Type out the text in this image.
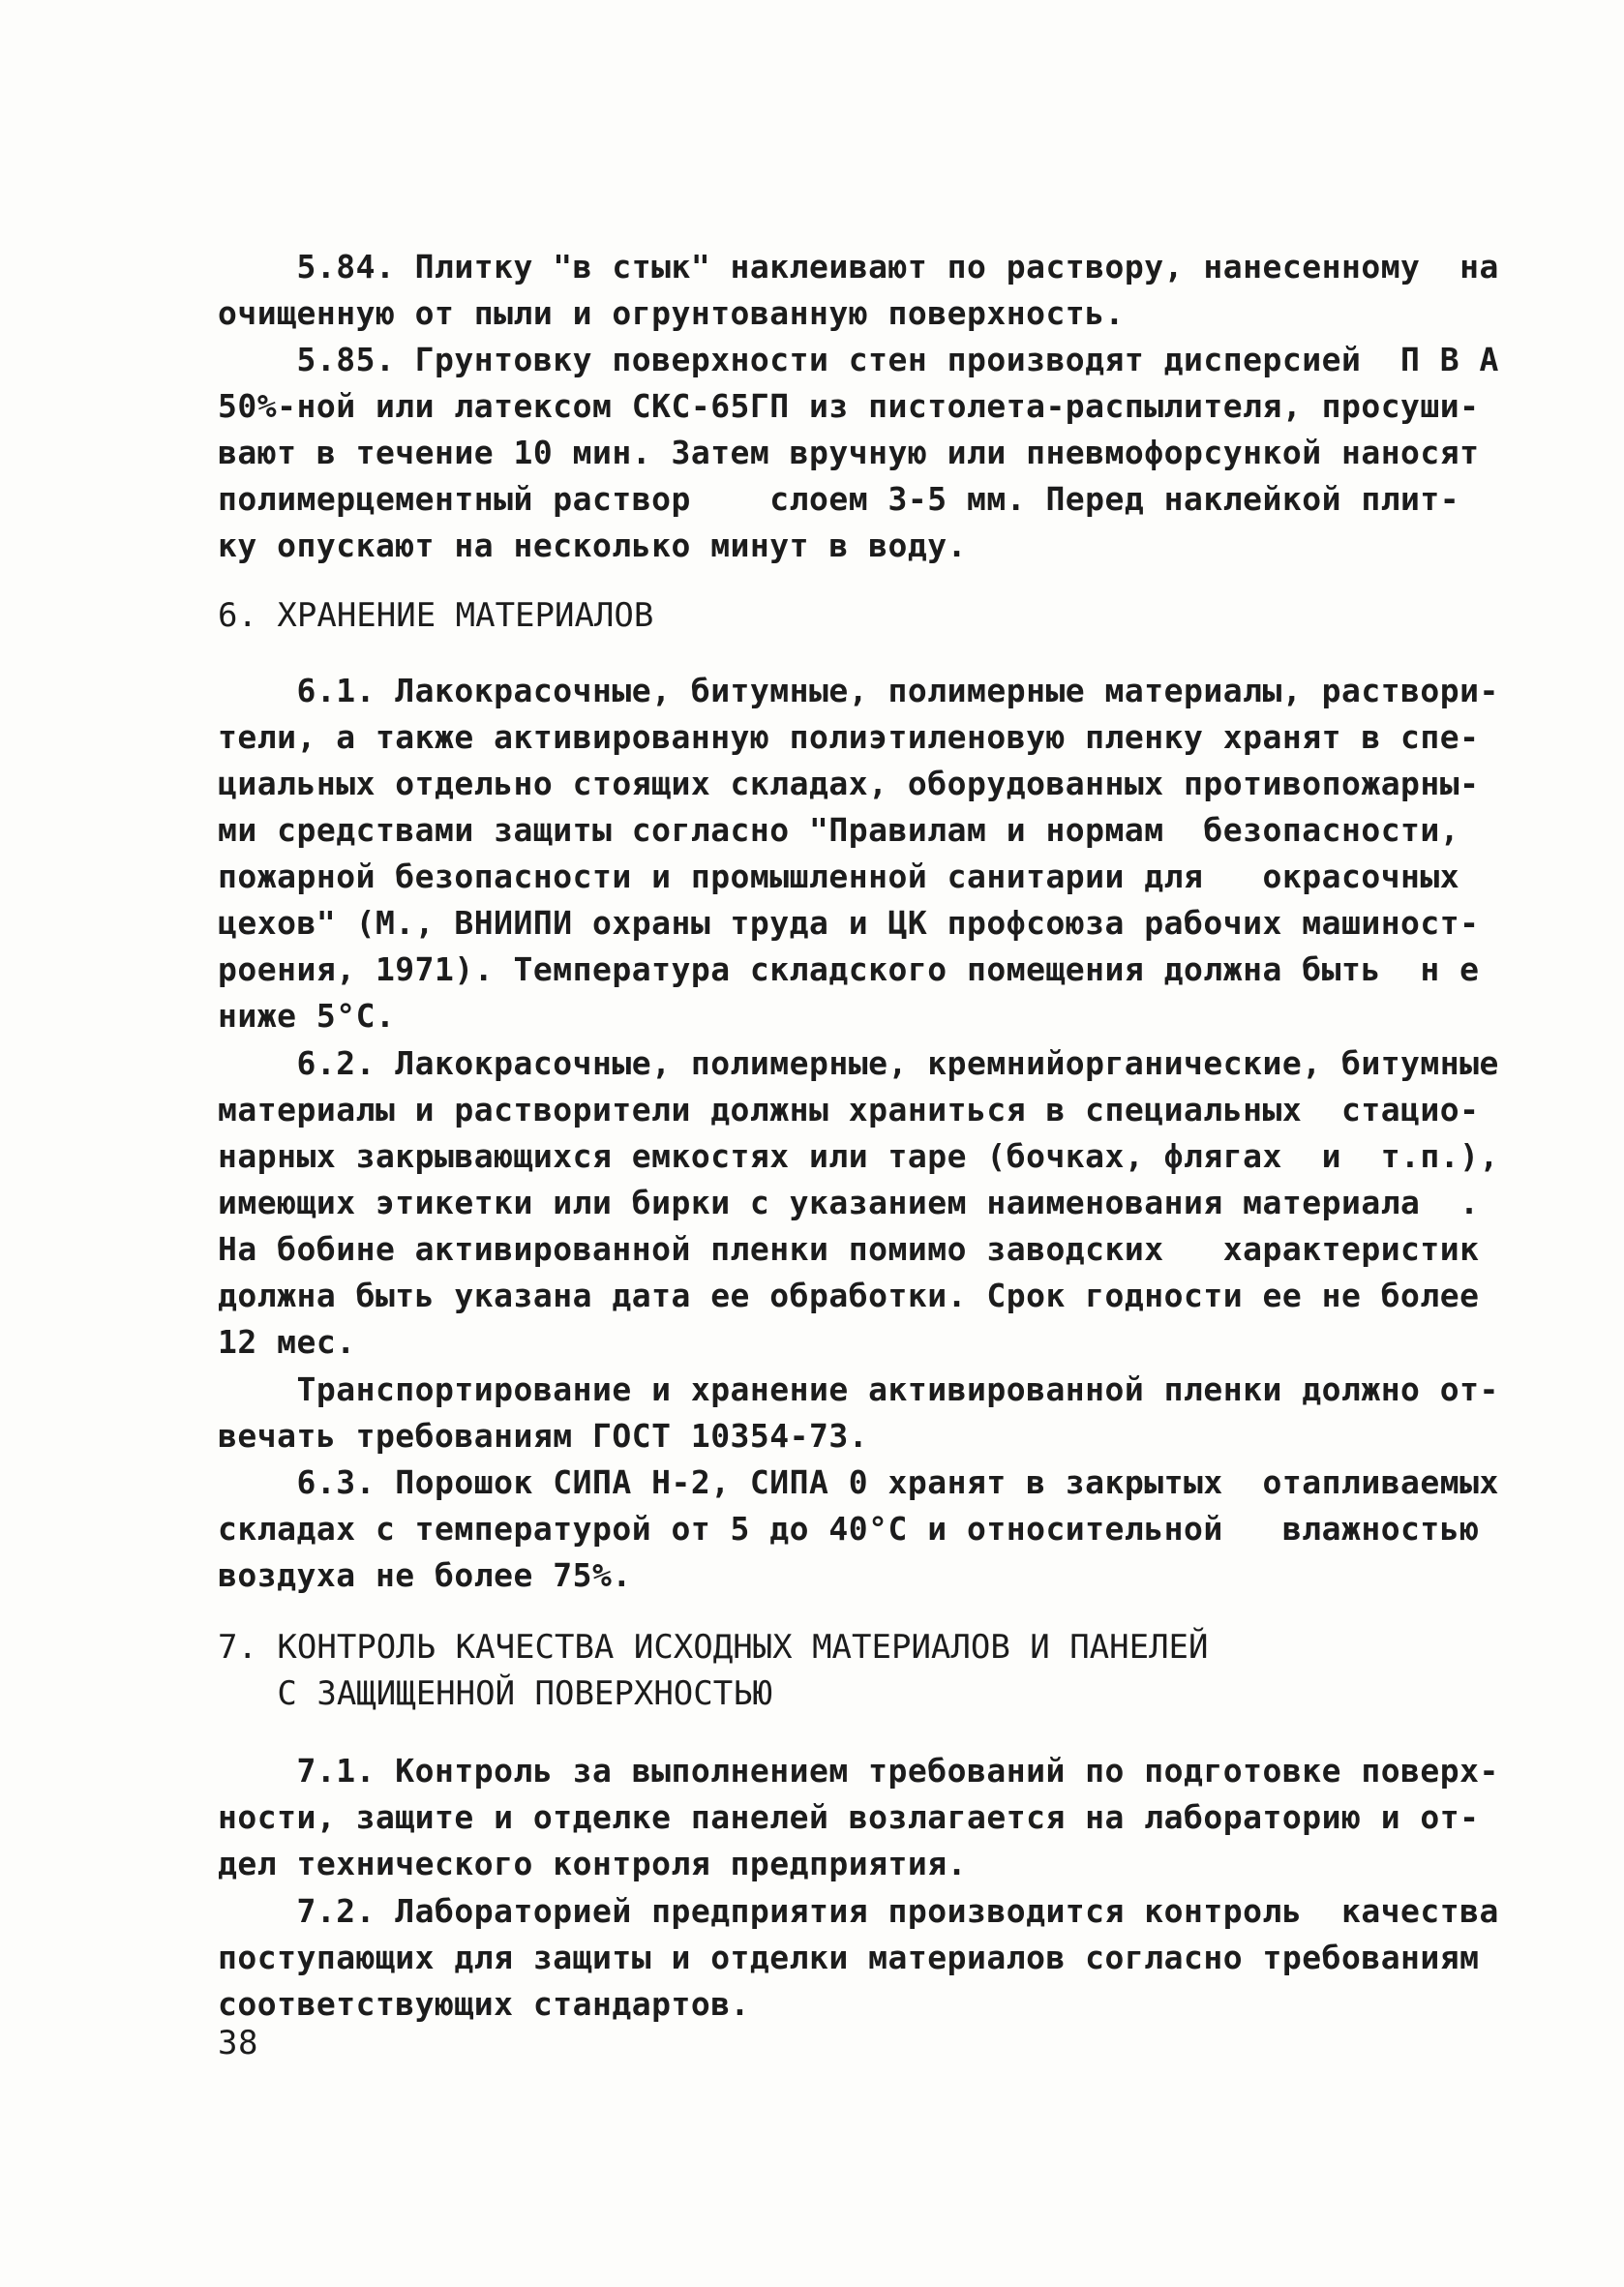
5.84. Плитку "в стык" наклеивают по раствору, нанесенному  на
очищенную от пыли и огрунтованную поверхность.
5.85. Грунтовку поверхности стен производят дисперсией  П В А
50%-ной или латексом СКС-65ГП из пистолета-распылителя, просуши-
вают в течение 10 мин. Затем вручную или пневмофорсункой наносят
полимерцементный раствор    слоем 3-5 мм. Перед наклейкой плит-
ку опускают на несколько минут в воду.
6. ХРАНЕНИЕ МАТЕРИАЛОВ
6.1. Лакокрасочные, битумные, полимерные материалы, раствори-
тели, а также активированную полиэтиленовую пленку хранят в спе-
циальных отдельно стоящих складах, оборудованных противопожарны-
ми средствами защиты согласно "Правилам и нормам  безопасности,
пожарной безопасности и промышленной санитарии для   окрасочных
цехов" (М., ВНИИПИ охраны труда и ЦК профсоюза рабочих машиност-
роения, 1971). Температура складского помещения должна быть  н е
ниже 5°С.
6.2. Лакокрасочные, полимерные, кремнийорганические, битумные
материалы и растворители должны храниться в специальных  стацио-
нарных закрывающихся емкостях или таре (бочках, флягах  и  т.п.),
имеющих этикетки или бирки с указанием наименования материала  .
На бобине активированной пленки помимо заводских   характеристик
должна быть указана дата ее обработки. Срок годности ее не более
12 мес.
Транспортирование и хранение активированной пленки должно от-
вечать требованиям ГОСТ 10354-73.
6.3. Порошок СИПА Н-2, СИПА 0 хранят в закрытых  отапливаемых
складах с температурой от 5 до 40°С и относительной   влажностью
воздуха не более 75%.
7. КОНТРОЛЬ КАЧЕСТВА ИСХОДНЫХ МАТЕРИАЛОВ И ПАНЕЛЕЙ
С ЗАЩИЩЕННОЙ ПОВЕРХНОСТЬЮ
7.1. Контроль за выполнением требований по подготовке поверх-
ности, защите и отделке панелей возлагается на лабораторию и от-
дел технического контроля предприятия.
7.2. Лабораторией предприятия производится контроль  качества
поступающих для защиты и отделки материалов согласно требованиям
соответствующих стандартов.
38
